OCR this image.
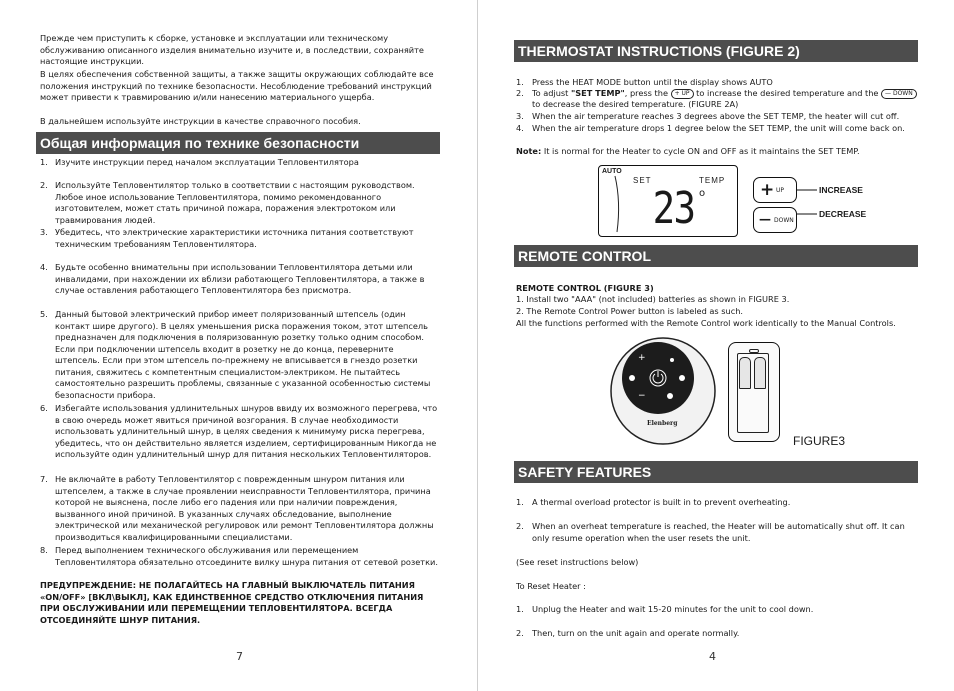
Прежде чем приступить к сборке, установке и эксплуатации или техническому обслуживанию описанного изделия внимательно изучите и, в последствии, сохраняйте настоящие инструкции.
В целях обеспечения собственной защиты, а также защиты окружающих соблюдайте все положения инструкций по технике безопасности. Несоблюдение требований инструкций может привести к травмированию и/или нанесению материального ущерба.
В дальнейшем используйте инструкции в качестве справочного пособия.
Общая информация по технике безопасности
1. Изучите инструкции перед началом эксплуатации Тепловентилятора
2. Используйте Тепловентилятор только в соответствии с настоящим руководством. Любое иное использование Тепловентилятора, помимо рекомендованного изготовителем, может стать причиной пожара, поражения электротоком или травмирования людей.
3. Убедитесь, что электрические характеристики источника питания соответствуют техническим требованиям Тепловентилятора.
4. Будьте особенно внимательны при использовании Тепловентилятора детьми или инвалидами, при нахождении их вблизи работающего Тепловентилятора, а также в случае оставления работающего Тепловентилятора без присмотра.
5. Данный бытовой электрический прибор имеет поляризованный штепсель (один контакт шире другого). В целях уменьшения риска поражения током, этот штепсель предназначен для подключения в поляризованную розетку только одним способом. Если при подключении штепсель входит в розетку не до конца, переверните штепсель. Если при этом штепсель по-прежнему не вписывается в гнездо розетки питания, свяжитесь с компетентным специалистом-электриком. Не пытайтесь самостоятельно разрешить проблемы, связанные с указанной особенностью системы безопасности прибора.
6. Избегайте использования удлинительных шнуров ввиду их возможного перегрева, что в свою очередь может явиться причиной возгорания. В случае необходимости использовать удлинительный шнур, в целях сведения к минимуму риска перегрева, убедитесь, что он действительно является изделием, сертифицированным Никогда не используйте один удлинительный шнур для питания нескольких Тепловентиляторов.
7. Не включайте в работу Тепловентилятор с поврежденным шнуром питания или штепселем, а также в случае проявлении неисправности Тепловентилятора, причина которой не выяснена, после либо его падения или при наличии повреждения, вызванного иной причиной. В указанных случаях обследование, выполнение электрической или механической регулировок или ремонт Тепловентилятора должны производиться квалифицированными специалистами.
8. Перед выполнением технического обслуживания или перемещением Тепловентилятора обязательно отсоедините вилку шнура питания от сетевой розетки.
ПРЕДУПРЕЖДЕНИЕ: НЕ ПОЛАГАЙТЕСЬ НА ГЛАВНЫЙ ВЫКЛЮЧАТЕЛЬ ПИТАНИЯ «ON/OFF» [ВКЛ\ВЫКЛ], КАК ЕДИНСТВЕННОЕ СРЕДСТВО ОТКЛЮЧЕНИЯ ПИТАНИЯ ПРИ ОБСЛУЖИВАНИИ ИЛИ ПЕРЕМЕЩЕНИИ ТЕПЛОВЕНТИЛЯТОРА. ВСЕГДА ОТСОЕДИНЯЙТЕ ШНУР ПИТАНИЯ.
7
THERMOSTAT INSTRUCTIONS (FIGURE 2)
1. Press the HEAT MODE button until the display shows AUTO
2. To adjust "SET TEMP", press the + UP to increase the desired temperature and the — DOWN
to decrease the desired temperature. (FIGURE 2A)
3. When the air temperature reaches 3 degrees above the SET TEMP, the heater will cut off.
4. When the air temperature drops 1 degree below the SET TEMP, the unit will come back on.
Note: It is normal for the Heater to cycle ON and OFF as it maintains the SET TEMP.
AUTO
SET	TEMP
23 o	+ UP
— DOWN
INCREASE
DECREASE
REMOTE CONTROL
REMOTE CONTROL (FIGURE 3)
1. Install two "AAA" (not included) batteries as shown in FIGURE 3.
2. The Remote Control Power button is labeled as such.
All the functions performed with the Remote Control work identically to the Manual Controls.
+
−
Elenberg
FIGURE3
SAFETY FEATURES
1. A thermal overload protector is built in to prevent overheating.
2. When an overheat temperature is reached, the Heater will be automatically shut off. It can only resume operation when the user resets the unit.
(See reset instructions below)
To Reset Heater :
1. Unplug the Heater and wait 15-20 minutes for the unit to cool down.
2. Then, turn on the unit again and operate normally.
4
